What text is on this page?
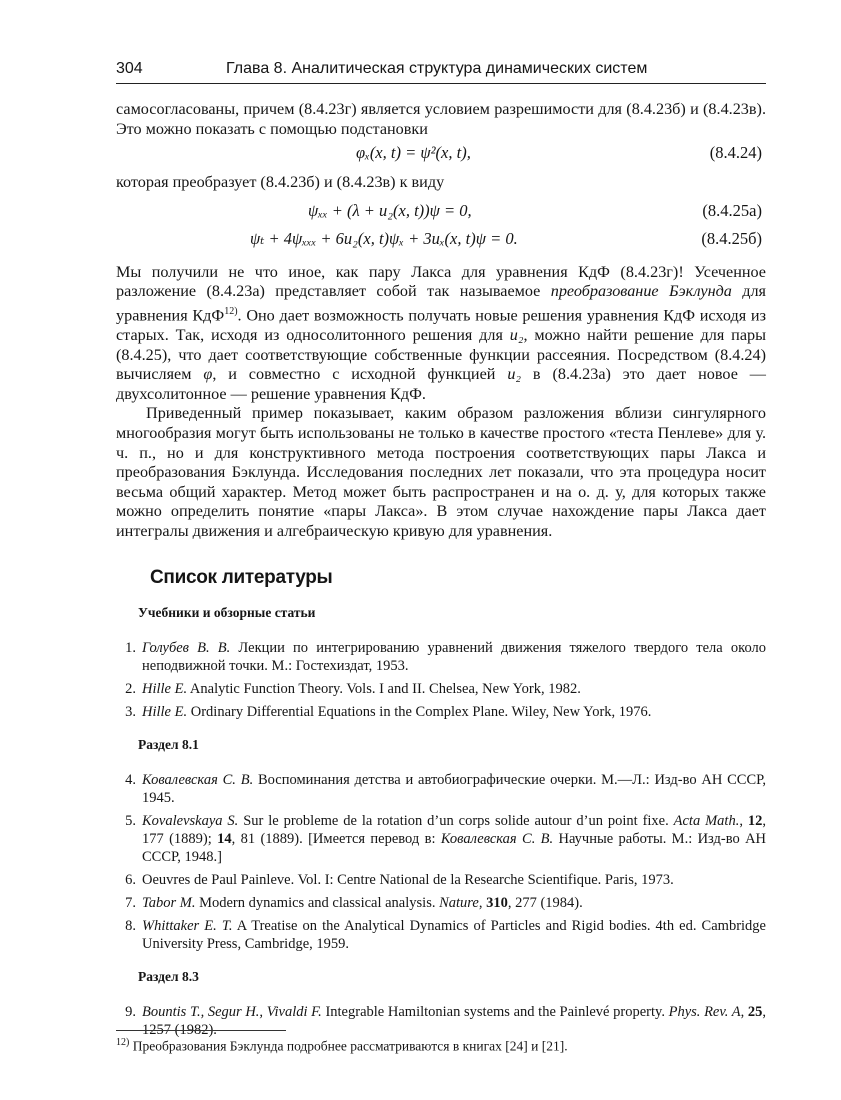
304	Глава 8. Аналитическая структура динамических систем

самосогласованы, причем (8.4.23г) является условием разрешимости для (8.4.23б) и (8.4.23в). Это можно показать с помощью подстановки

φₓ(x, t) = ψ²(x, t),	(8.4.24)

которая преобразует (8.4.23б) и (8.4.23в) к виду

ψₓₓ + (λ + u₂(x, t))ψ = 0,	(8.4.25а)
ψₜ + 4ψₓₓₓ + 6u₂(x, t)ψₓ + 3uₓ(x, t)ψ = 0.	(8.4.25б)

Мы получили не что иное, как пару Лакса для уравнения КдФ (8.4.23г)! Усеченное разложение (8.4.23а) представляет собой так называемое преобразование Бэклунда для уравнения КдФ$^{12)}$. Оно дает возможность получать новые решения уравнения КдФ исходя из старых. Так, исходя из односолитонного решения для u₂, можно найти решение для пары (8.4.25), что дает соответствующие собственные функции рассеяния. Посредством (8.4.24) вычисляем φ, и совместно с исходной функцией u₂ в (8.4.23а) это дает новое — двухсолитонное — решение уравнения КдФ.

Приведенный пример показывает, каким образом разложения вблизи сингулярного многообразия могут быть использованы не только в качестве простого «теста Пенлеве» для у. ч. п., но и для конструктивного метода построения соответствующих пары Лакса и преобразования Бэклунда. Исследования последних лет показали, что эта процедура носит весьма общий характер. Метод может быть распространен и на о. д. у, для которых также можно определить понятие «пары Лакса». В этом случае нахождение пары Лакса дает интегралы движения и алгебраическую кривую для уравнения.

Список литературы
Учебники и обзорные статьи
1. Голубев В. В. Лекции по интегрированию уравнений движения тяжелого твердого тела около неподвижной точки. М.: Гостехиздат, 1953.
2. Hille E. Analytic Function Theory. Vols. I and II. Chelsea, New York, 1982.
3. Hille E. Ordinary Differential Equations in the Complex Plane. Wiley, New York, 1976.
Раздел 8.1
4. Ковалевская С. В. Воспоминания детства и автобиографические очерки. М.—Л.: Изд-во АН СССР, 1945.
5. Kovalevskaya S. Sur le probleme de la rotation d’un corps solide autour d’un point fixe. Acta Math., 12, 177 (1889); 14, 81 (1889). [Имеется перевод в: Ковалевская С. В. Научные работы. М.: Изд-во АН СССР, 1948.]
6. Oeuvres de Paul Painleve. Vol. I: Centre National de la Researche Scientifique. Paris, 1973.
7. Tabor M. Modern dynamics and classical analysis. Nature, 310, 277 (1984).
8. Whittaker E. T. A Treatise on the Analytical Dynamics of Particles and Rigid bodies. 4th ed. Cambridge University Press, Cambridge, 1959.
Раздел 8.3
9. Bountis T., Segur H., Vivaldi F. Integrable Hamiltonian systems and the Painlevé property. Phys. Rev. A, 25, 1257 (1982).
$^{12)}$ Преобразования Бэклунда подробнее рассматриваются в книгах [24] и [21].
